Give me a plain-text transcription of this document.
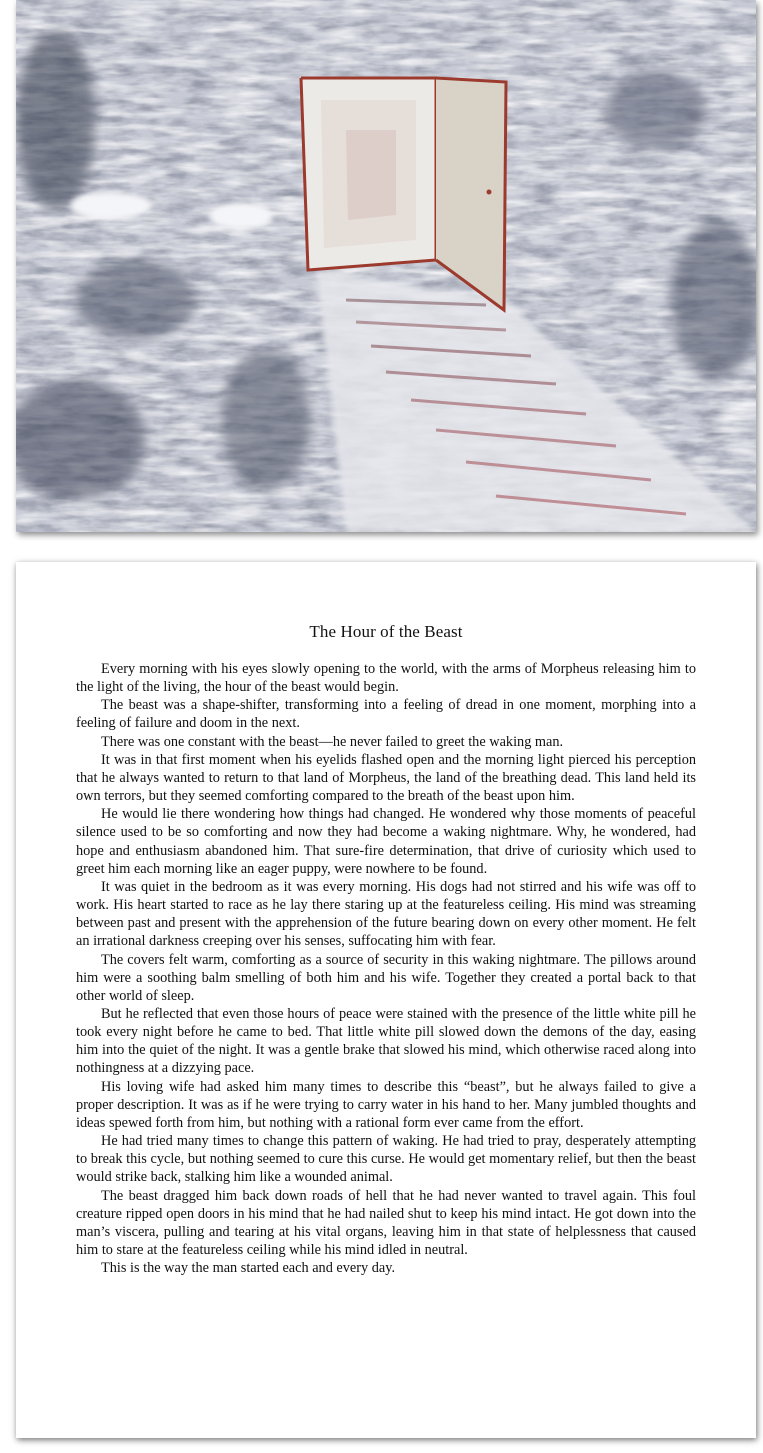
The Hour of the Beast

Every morning with his eyes slowly opening to the world, with the arms of Morpheus releasing him to the light of the living, the hour of the beast would begin.

The beast was a shape-shifter, transforming into a feeling of dread in one moment, morphing into a feeling of failure and doom in the next.

There was one constant with the beast—he never failed to greet the waking man.

It was in that first moment when his eyelids flashed open and the morning light pierced his perception that he always wanted to return to that land of Morpheus, the land of the breathing dead. This land held its own terrors, but they seemed comforting compared to the breath of the beast upon him.

He would lie there wondering how things had changed. He wondered why those moments of peaceful silence used to be so comforting and now they had become a waking nightmare. Why, he wondered, had hope and enthusiasm abandoned him. That sure-fire determination, that drive of curiosity which used to greet him each morning like an eager puppy, were nowhere to be found.

It was quiet in the bedroom as it was every morning. His dogs had not stirred and his wife was off to work. His heart started to race as he lay there staring up at the featureless ceiling. His mind was streaming between past and present with the apprehension of the future bearing down on every other moment. He felt an irrational darkness creeping over his senses, suffocating him with fear.

The covers felt warm, comforting as a source of security in this waking nightmare. The pillows around him were a soothing balm smelling of both him and his wife. Together they created a portal back to that other world of sleep.

But he reflected that even those hours of peace were stained with the presence of the little white pill he took every night before he came to bed. That little white pill slowed down the demons of the day, easing him into the quiet of the night. It was a gentle brake that slowed his mind, which otherwise raced along into nothingness at a dizzying pace.

His loving wife had asked him many times to describe this “beast”, but he always failed to give a proper description. It was as if he were trying to carry water in his hand to her. Many jumbled thoughts and ideas spewed forth from him, but nothing with a rational form ever came from the effort.

He had tried many times to change this pattern of waking. He had tried to pray, desperately attempting to break this cycle, but nothing seemed to cure this curse. He would get momentary relief, but then the beast would strike back, stalking him like a wounded animal.

The beast dragged him back down roads of hell that he had never wanted to travel again. This foul creature ripped open doors in his mind that he had nailed shut to keep his mind intact. He got down into the man’s viscera, pulling and tearing at his vital organs, leaving him in that state of helplessness that caused him to stare at the featureless ceiling while his mind idled in neutral.

This is the way the man started each and every day.
